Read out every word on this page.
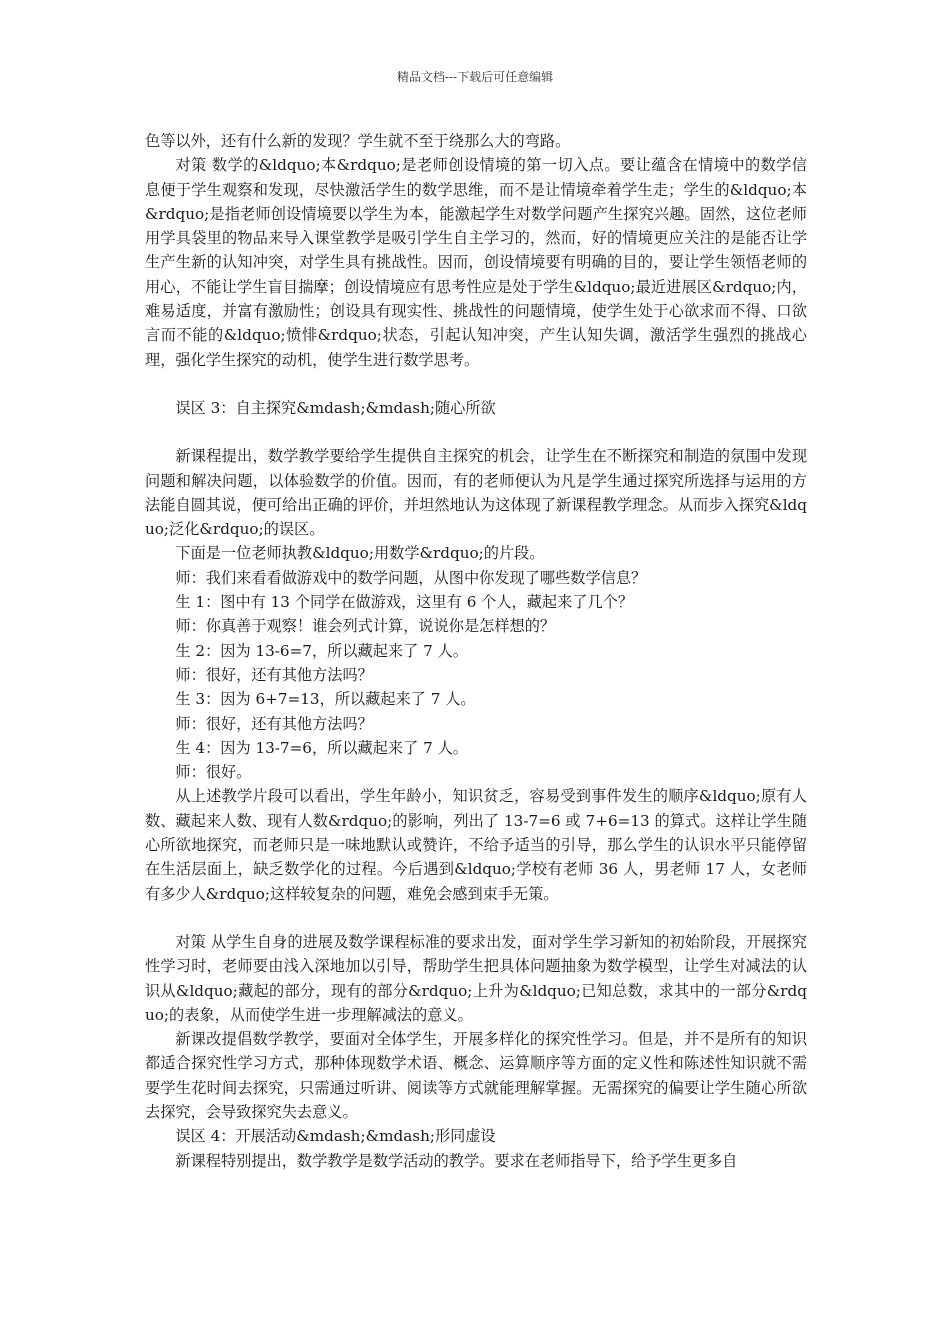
精品文档---下载后可任意编辑

色等以外，还有什么新的发现？学生就不至于绕那么大的弯路。

对策 数学的&ldquo;本&rdquo;是老师创设情境的第一切入点。要让蕴含在情境中的数学信息便于学生观察和发现，尽快激活学生的数学思维，而不是让情境牵着学生走；学生的&ldquo;本&rdquo;是指老师创设情境要以学生为本，能激起学生对数学问题产生探究兴趣。固然，这位老师用学具袋里的物品来导入课堂教学是吸引学生自主学习的，然而，好的情境更应关注的是能否让学生产生新的认知冲突，对学生具有挑战性。因而，创设情境要有明确的目的，要让学生领悟老师的用心，不能让学生盲目揣摩；创设情境应有思考性应是处于学生&ldquo;最近进展区&rdquo;内，难易适度，并富有激励性；创设具有现实性、挑战性的问题情境，使学生处于心欲求而不得、口欲言而不能的&ldquo;愤悱&rdquo;状态，引起认知冲突，产生认知失调，激活学生强烈的挑战心理，强化学生探究的动机，使学生进行数学思考。

误区 3：自主探究&mdash;&mdash;随心所欲

新课程提出，数学教学要给学生提供自主探究的机会，让学生在不断探究和制造的氛围中发现问题和解决问题，以体验数学的价值。因而，有的老师便认为凡是学生通过探究所选择与运用的方法能自圆其说，便可给出正确的评价，并坦然地认为这体现了新课程教学理念。从而步入探究&ldquo;泛化&rdquo;的误区。

下面是一位老师执教&ldquo;用数学&rdquo;的片段。

师：我们来看看做游戏中的数学问题，从图中你发现了哪些数学信息？

生 1：图中有 13 个同学在做游戏，这里有 6 个人，藏起来了几个？

师：你真善于观察！谁会列式计算，说说你是怎样想的？

生 2：因为 13-6=7，所以藏起来了 7 人。

师：很好，还有其他方法吗？

生 3：因为 6+7=13，所以藏起来了 7 人。

师：很好，还有其他方法吗？

生 4：因为 13-7=6，所以藏起来了 7 人。

师：很好。

从上述教学片段可以看出，学生年龄小，知识贫乏，容易受到事件发生的顺序&ldquo;原有人数、藏起来人数、现有人数&rdquo;的影响，列出了 13-7=6 或 7+6=13 的算式。这样让学生随心所欲地探究，而老师只是一味地默认或赞许，不给予适当的引导，那么学生的认识水平只能停留在生活层面上，缺乏数学化的过程。今后遇到&ldquo;学校有老师 36 人，男老师 17 人，女老师有多少人&rdquo;这样较复杂的问题，难免会感到束手无策。

对策 从学生自身的进展及数学课程标准的要求出发，面对学生学习新知的初始阶段，开展探究性学习时，老师要由浅入深地加以引导，帮助学生把具体问题抽象为数学模型，让学生对减法的认识从&ldquo;藏起的部分，现有的部分&rdquo;上升为&ldquo;已知总数，求其中的一部分&rdquo;的表象，从而使学生进一步理解减法的意义。

新课改提倡数学教学，要面对全体学生，开展多样化的探究性学习。但是，并不是所有的知识都适合探究性学习方式，那种体现数学术语、概念、运算顺序等方面的定义性和陈述性知识就不需要学生花时间去探究，只需通过听讲、阅读等方式就能理解掌握。无需探究的偏要让学生随心所欲去探究，会导致探究失去意义。

误区 4：开展活动&mdash;&mdash;形同虚设

新课程特别提出，数学教学是数学活动的教学。要求在老师指导下，给予学生更多自
